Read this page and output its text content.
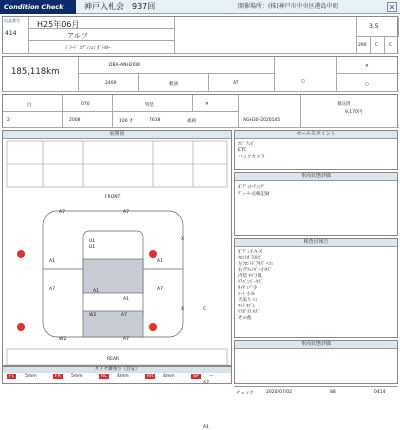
Condition Check	神戸入札会　937回	開催場所：(株)神戸市中央区港島中町	✕
出品番号
414
H25年06月
アルフ
ｼﾞﾗｰﾄﾞ ｴﾃﾞｨｼｮﾝ ﾎﾟﾄﾙｶｰ
3.5
290	C	C
185,118km
DBA-ANH20W
2400	軽油	AT	○
✕
○
白	070
2	2008
特装	✕
100 才	7638	福岡	AGH30-2020145
預託済
9,170円
展開図
FRONT
REAR
A7	A7
U1
U1
A1	A1
A7	A7
A1
A1
W2	A7
W2	A7
X
X	C
A7
A1
セールスポイント
ﾅﾋﾞ ﾃﾚﾋﾞ
ETC
バックカメラ
車両状態評価
ﾎﾞﾃﾞｨｺｰﾃｨﾝｸﾞ
ﾃﾞｨｰﾗｰ点検記録
検査員報告
ﾎﾞﾃﾞｨ小キズ
ﾌﾛﾝﾄｶﾞﾗｽﾋﾋﾞ
左ﾌﾛﾝﾄﾄﾞｱｷｽﾞ ﾍｺﾐ
右ﾘｱﾌｪﾝﾀﾞｰ小ｷｽﾞ
内装 ﾀﾊﾞｺ臭
ﾘｱﾊﾞﾝﾊﾟｰｷｽﾞ
ﾀｲﾔ ﾐｿﾞ少
ｼｰﾄ 小ｽﾚ
天張り ｼﾐ
ﾏｯﾄ ﾖｺﾞﾚ
ﾘｱｶﾞﾗｽ ｷｽﾞ
その他
車両状態評価
タイヤ溝残り（目安）
FL	5mm	FR	5mm	RL	4mm	RR	4mm	SP	—
チェック	2020/07/02	88	0414
